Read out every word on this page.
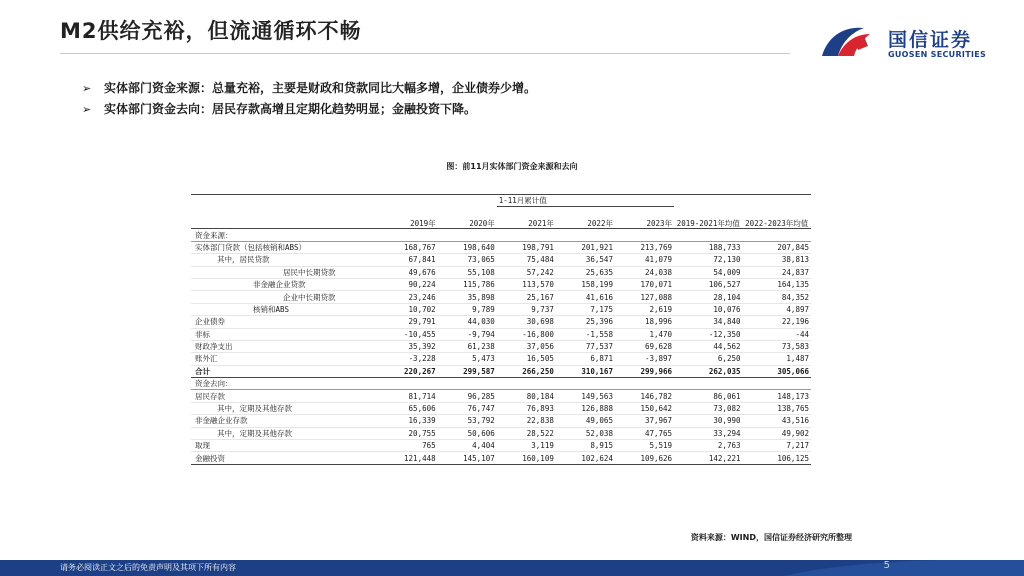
M2供给充裕，但流通循环不畅	国信证券
GUOSEN SECURITIES
➢ 实体部门资金来源：总量充裕，主要是财政和贷款同比大幅多增，企业债券少增。
➢ 实体部门资金去向：居民存款高增且定期化趋势明显；金融投资下降。
图：前11月实体部门资金来源和去向
			1-11月累计值				
	2019年	2020年	2021年	2022年	2023年	2019-2021年均值	2022-2023年均值
资金来源：							
实体部门贷款（包括核销和ABS）	168,767	198,640	198,791	201,921	213,769	188,733	207,845
其中，居民贷款	67,841	73,065	75,484	36,547	41,079	72,130	38,813
居民中长期贷款	49,676	55,108	57,242	25,635	24,038	54,009	24,837
非金融企业贷款	90,224	115,786	113,570	158,199	170,071	106,527	164,135
企业中长期贷款	23,246	35,898	25,167	41,616	127,088	28,104	84,352
核销和ABS	10,702	9,789	9,737	7,175	2,619	10,076	4,897
企业债券	29,791	44,030	30,698	25,396	18,996	34,840	22,196
非标	-10,455	-9,794	-16,800	-1,558	1,470	-12,350	-44
财政净支出	35,392	61,238	37,056	77,537	69,628	44,562	73,583
账外汇	-3,228	5,473	16,505	6,871	-3,897	6,250	1,487
合计	220,267	299,587	266,250	310,167	299,966	262,035	305,066
资金去向：							
居民存款	81,714	96,285	80,184	149,563	146,782	86,061	148,173
其中，定期及其他存款	65,606	76,747	76,893	126,888	150,642	73,082	138,765
非金融企业存款	16,339	53,792	22,838	49,065	37,967	30,990	43,516
其中，定期及其他存款	20,755	50,606	28,522	52,038	47,765	33,294	49,902
取现	765	4,404	3,119	8,915	5,519	2,763	7,217
金融投资	121,448	145,107	160,109	102,624	109,626	142,221	106,125
资料来源：WIND，国信证券经济研究所整理
请务必阅读正文之后的免责声明及其项下所有内容	5
